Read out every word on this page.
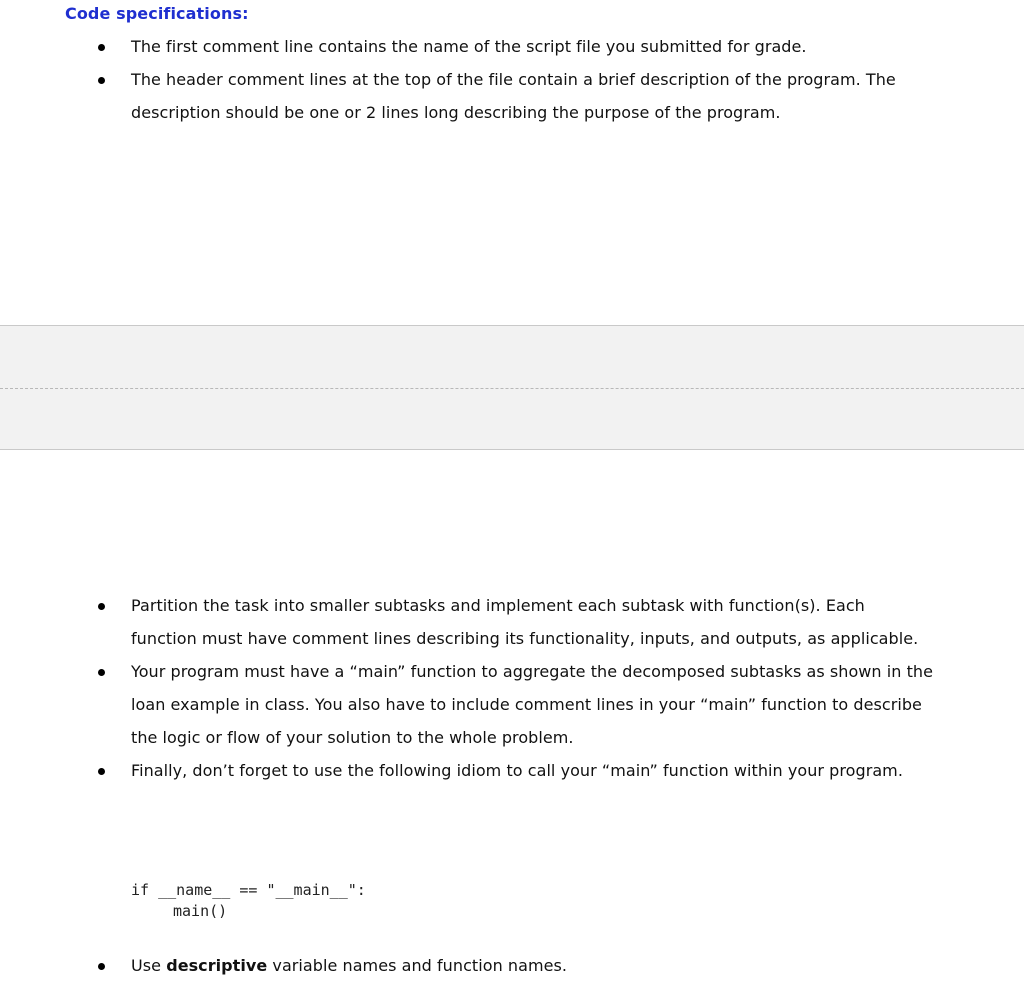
Code specifications:
The first comment line contains the name of the script file you submitted for grade.
The header comment lines at the top of the file contain a brief description of the program. The description should be one or 2 lines long describing the purpose of the program.
Partition the task into smaller subtasks and implement each subtask with function(s). Each function must have comment lines describing its functionality, inputs, and outputs, as applicable.
Your program must have a “main” function to aggregate the decomposed subtasks as shown in the loan example in class. You also have to include comment lines in your “main” function to describe the logic or flow of your solution to the whole problem.
Finally, don’t forget to use the following idiom to call your “main” function within your program.
if __name__ == "__main__":
main()
Use descriptive variable names and function names.
